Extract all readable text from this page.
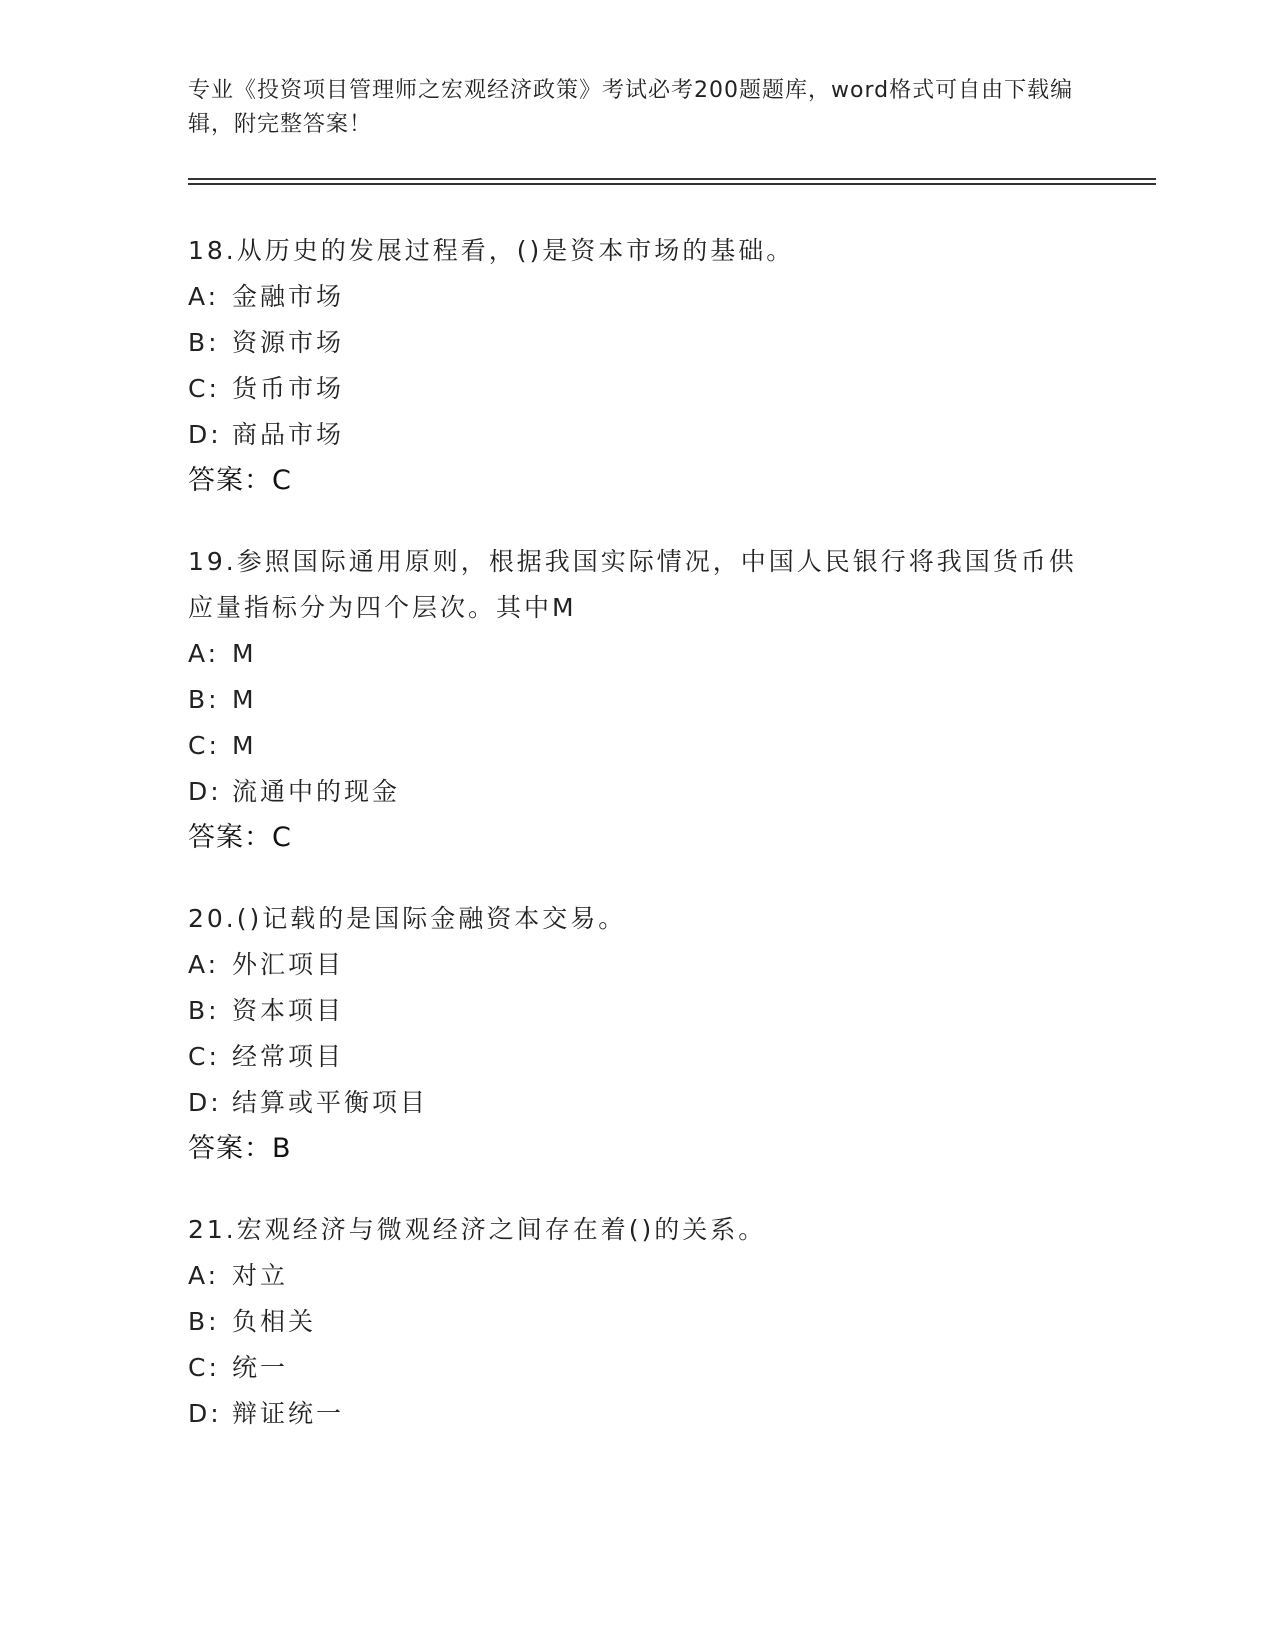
专业《投资项目管理师之宏观经济政策》考试必考200题题库，word格式可自由下载编辑，附完整答案！

18.从历史的发展过程看，()是资本市场的基础。

A: 金融市场
B: 资源市场
C: 货币市场
D: 商品市场
答案：C

19.参照国际通用原则，根据我国实际情况，中国人民银行将我国货币供应量指标分为四个层次。其中M

A: M
B: M
C: M
D: 流通中的现金
答案：C

20.()记载的是国际金融资本交易。

A: 外汇项目
B: 资本项目
C: 经常项目
D: 结算或平衡项目
答案：B

21.宏观经济与微观经济之间存在着()的关系。

A: 对立
B: 负相关
C: 统一
D: 辩证统一
